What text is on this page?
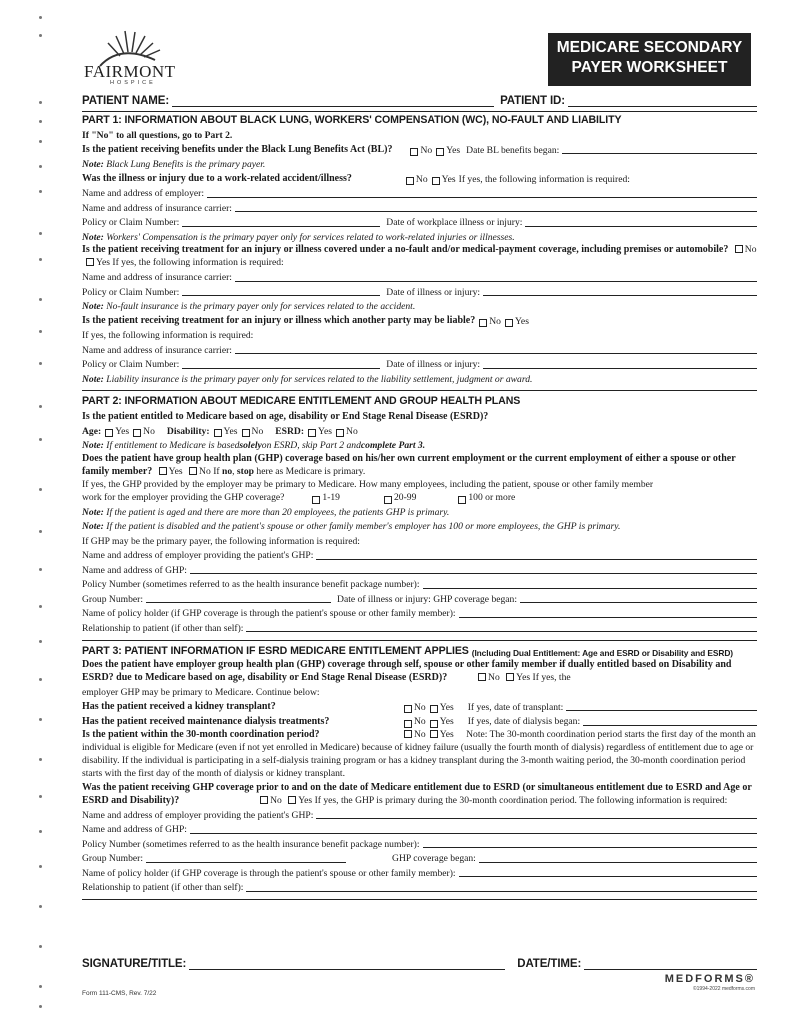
FAIRMONT
HOSPICE
MEDICARE SECONDARY
PAYER WORKSHEET
PATIENT NAME:	PATIENT ID:
PART 1: INFORMATION ABOUT BLACK LUNG, WORKERS' COMPENSATION (WC), NO-FAULT AND LIABILITY
If "No" to all questions, go to Part 2.
Is the patient receiving benefits under the Black Lung Benefits Act (BL)?	No Yes Date BL benefits began:
Note:
Black Lung Benefits is the primary payer.
Was the illness or injury due to a work-related accident/illness?	No Yes If yes, the following information is required:
Name and address of employer:
Name and address of insurance carrier:
Policy or Claim Number:	Date of workplace illness or injury:
Note:
Workers' Compensation is the primary payer only for services related to work-related injuries or illnesses.
Is the patient receiving treatment for an injury or illness covered under a no-fault and/or medical-payment coverage, including premises or automobile? No Yes If yes, the following information is required:
Name and address of insurance carrier:
Policy or Claim Number:	Date of illness or injury:
Note:
No-fault insurance is the primary payer only for services related to the accident.
Is the patient receiving treatment for an injury or illness which another party may be liable? No Yes
If yes, the following information is required:
Name and address of insurance carrier:
Policy or Claim Number:	Date of illness or injury:
Note:
Liability insurance is the primary payer only for services related to the liability settlement, judgment or award.
PART 2: INFORMATION ABOUT MEDICARE ENTITLEMENT AND GROUP HEALTH PLANS
Is the patient entitled to Medicare based on age, disability or End Stage Renal Disease (ESRD)?
Age: Yes No Disability: Yes No ESRD: Yes No
Note:
If entitlement to Medicare is based solely on ESRD, skip Part 2 and complete Part 3.
Does the patient have group health plan (GHP) coverage based on his/her own current employment or the current employment of either a spouse or other family member? Yes No If no, stop here as Medicare is primary.
If yes, the GHP provided by the employer may be primary to Medicare. How many employees, including the patient, spouse or other family member
work for the employer providing the GHP coverage?	1-19	20-99	100 or more
Note:
If the patient is aged and there are more than 20 employees, the patients GHP is primary.
Note:
If the patient is disabled and the patient's spouse or other family member's employer has 100 or more employees, the GHP is primary.
If GHP may be the primary payer, the following information is required:
Name and address of employer providing the patient's GHP:
Name and address of GHP:
Policy Number (sometimes referred to as the health insurance benefit package number):
Group Number:	Date of illness or injury: GHP coverage began:
Name of policy holder (if GHP coverage is through the patient's spouse or other family member):
Relationship to patient (if other than self):
PART 3: PATIENT INFORMATION IF ESRD MEDICARE ENTITLEMENT APPLIES (Including Dual Entitlement: Age and ESRD or Disability and ESRD)
Does the patient have employer group health plan (GHP) coverage through self, spouse or other family member if dually entitled based on Disability and ESRD? due to Medicare based on age, disability or End Stage Renal Disease (ESRD)?	No Yes If yes, the
employer GHP may be primary to Medicare. Continue below:
Has the patient received a kidney transplant?	No Yes If yes, date of transplant:
Has the patient received maintenance dialysis treatments?	No Yes If yes, date of dialysis began:
Is the patient within the 30-month coordination period?	No Yes Note: The 30-month coordination period starts the first day of the month an individual is eligible for Medicare (even if not yet enrolled in Medicare) because of kidney failure (usually the fourth month of dialysis) regardless of entitlement due to age or disability. If the individual is participating in a self-dialysis training program or has a kidney transplant during the 3-month waiting period, the 30-month coordination period starts with the first day of the month of dialysis or kidney transplant.
Was the patient receiving GHP coverage prior to and on the date of Medicare entitlement due to ESRD (or simultaneous entitlement due to ESRD and Age or ESRD and Disability)?	No Yes If yes, the GHP is primary during the 30-month coordination period. The following information is required:
Name and address of employer providing the patient's GHP:
Name and address of GHP:
Policy Number (sometimes referred to as the health insurance benefit package number):
Group Number:	GHP coverage began:
Name of policy holder (if GHP coverage is through the patient's spouse or other family member):
Relationship to patient (if other than self):
SIGNATURE/TITLE:	DATE/TIME:
Form 111-CMS, Rev. 7/22
MEDFORMS®
©1994-2022 medforms.com
